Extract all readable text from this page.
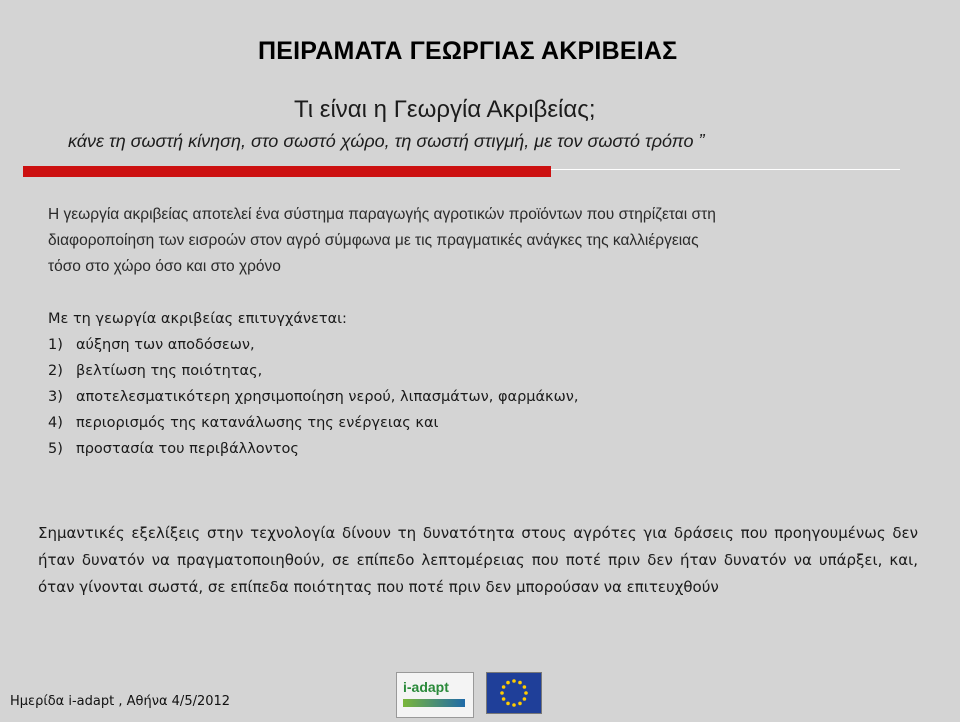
ΠΕΙΡΑΜΑΤΑ ΓΕΩΡΓΙΑΣ ΑΚΡΙΒΕΙΑΣ
Τι είναι η Γεωργία Ακριβείας;
κάνε τη σωστή κίνηση, στο σωστό χώρο, τη σωστή στιγμή, με τον σωστό τρόπο ”
Η γεωργία ακριβείας αποτελεί ένα σύστημα παραγωγής αγροτικών προϊόντων που στηρίζεται στη
διαφοροποίηση των εισροών στον αγρό σύμφωνα με τις πραγματικές ανάγκες της καλλιέργειας
τόσο στο χώρο όσο και στο χρόνο
Με τη γεωργία ακριβείας επιτυγχάνεται:
1) αύξηση των αποδόσεων,
2) βελτίωση της ποιότητας,
3) αποτελεσματικότερη χρησιμοποίηση νερού, λιπασμάτων, φαρμάκων,
4) περιορισμός της κατανάλωσης της ενέργειας και
5) προστασία του περιβάλλοντος
Σημαντικές εξελίξεις στην τεχνολογία δίνουν τη δυνατότητα στους αγρότες για δράσεις που προηγουμένως δεν ήταν δυνατόν να πραγματοποιηθούν, σε επίπεδο λεπτομέρειας που ποτέ πριν δεν ήταν δυνατόν να υπάρξει, και, όταν γίνονται σωστά, σε επίπεδα ποιότητας που ποτέ πριν δεν μπορούσαν να επιτευχθούν
Ημερίδα i-adapt , Αθήνα 4/5/2012
i-adapt
